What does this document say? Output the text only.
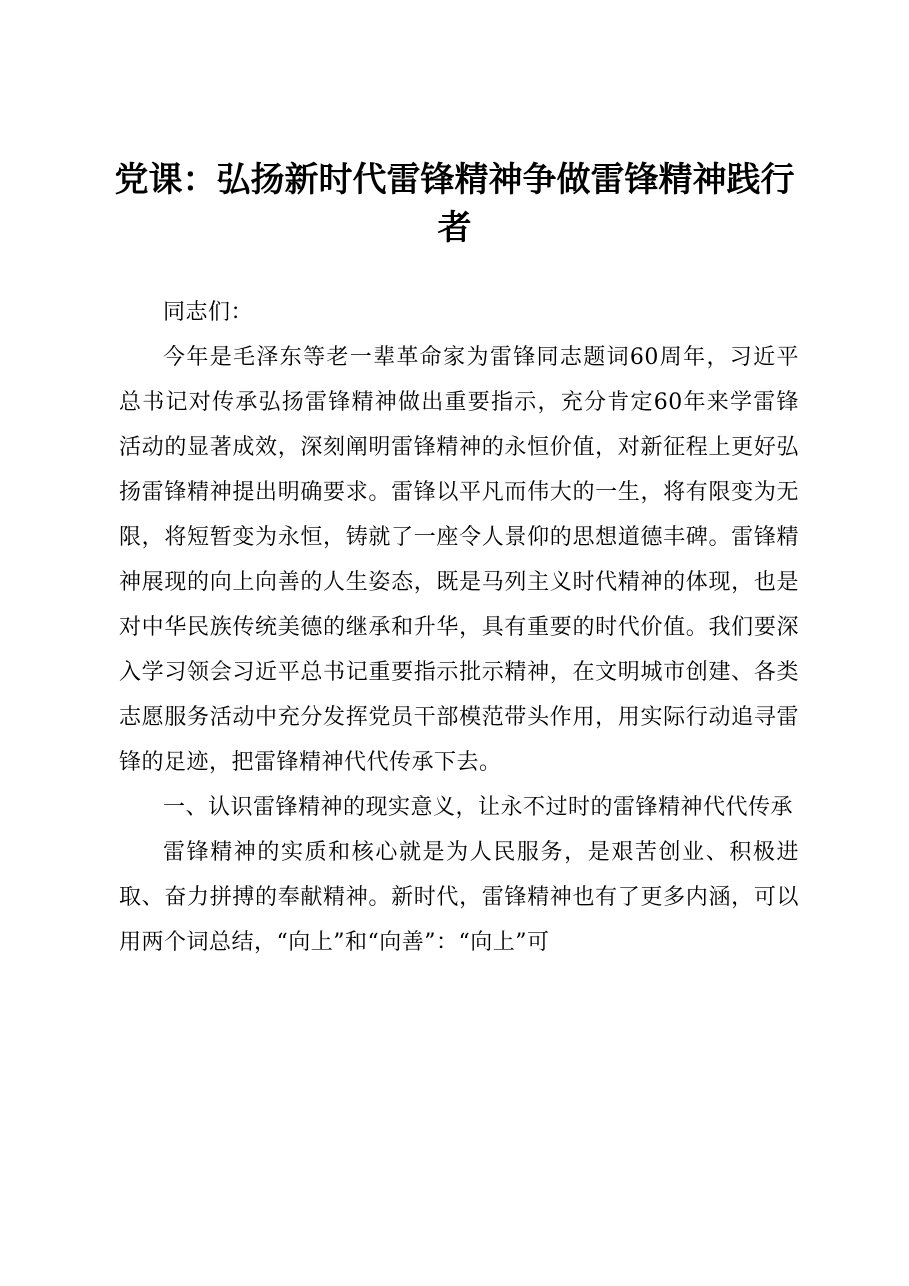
党课：弘扬新时代雷锋精神争做雷锋精神践行者

同志们：

今年是毛泽东等老一辈革命家为雷锋同志题词60周年，习近平总书记对传承弘扬雷锋精神做出重要指示，充分肯定60年来学雷锋活动的显著成效，深刻阐明雷锋精神的永恒价值，对新征程上更好弘扬雷锋精神提出明确要求。雷锋以平凡而伟大的一生，将有限变为无限，将短暂变为永恒，铸就了一座令人景仰的思想道德丰碑。雷锋精神展现的向上向善的人生姿态，既是马列主义时代精神的体现，也是对中华民族传统美德的继承和升华，具有重要的时代价值。我们要深入学习领会习近平总书记重要指示批示精神，在文明城市创建、各类志愿服务活动中充分发挥党员干部模范带头作用，用实际行动追寻雷锋的足迹，把雷锋精神代代传承下去。

一、认识雷锋精神的现实意义，让永不过时的雷锋精神代代传承

雷锋精神的实质和核心就是为人民服务，是艰苦创业、积极进取、奋力拼搏的奉献精神。新时代，雷锋精神也有了更多内涵，可以用两个词总结，“向上”和“向善”：“向上”可
